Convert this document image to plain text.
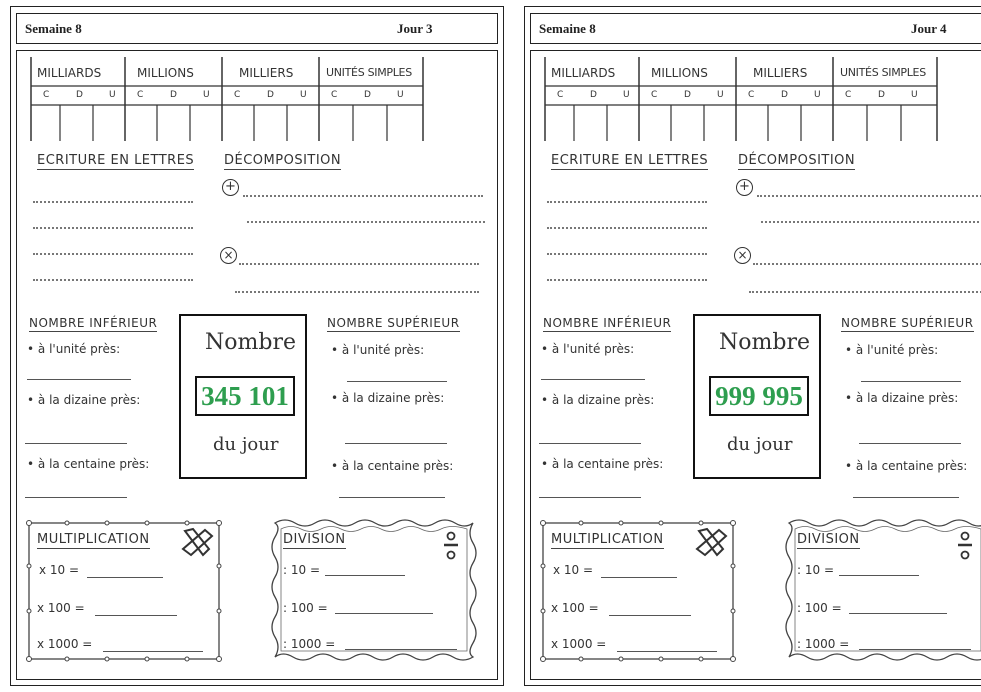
Semaine 8	Jour 3
MILLIARDS	MILLIONS	MILLIERS	UNITÉS SIMPLES
C	D	U C	D	U	C	D	U	C	D	U
ECRITURE EN LETTRES DÉCOMPOSITION
+
×
NOMBRE INFÉRIEUR
• à l'unité près:
• à la dizaine près:
• à la centaine près:
Nombre
345 101
du jour
NOMBRE SUPÉRIEUR
• à l'unité près:
• à la dizaine près:
• à la centaine près:
MULTIPLICATION
x 10 =
x 100 =
x 1000 =
DIVISION
: 10 =
: 100 =
: 1000 =
Semaine 8	Jour 4
MILLIARDS	MILLIONS	MILLIERS	UNITÉS SIMPLES
C	D	U C	D	U	C	D	U	C	D	U
ECRITURE EN LETTRES DÉCOMPOSITION
+
×
NOMBRE INFÉRIEUR
• à l'unité près:
• à la dizaine près:
• à la centaine près:
Nombre
999 995
du jour
NOMBRE SUPÉRIEUR
• à l'unité près:
• à la dizaine près:
• à la centaine près:
MULTIPLICATION
x 10 =
x 100 =
x 1000 =
DIVISION
: 10 =
: 100 =
: 1000 =
